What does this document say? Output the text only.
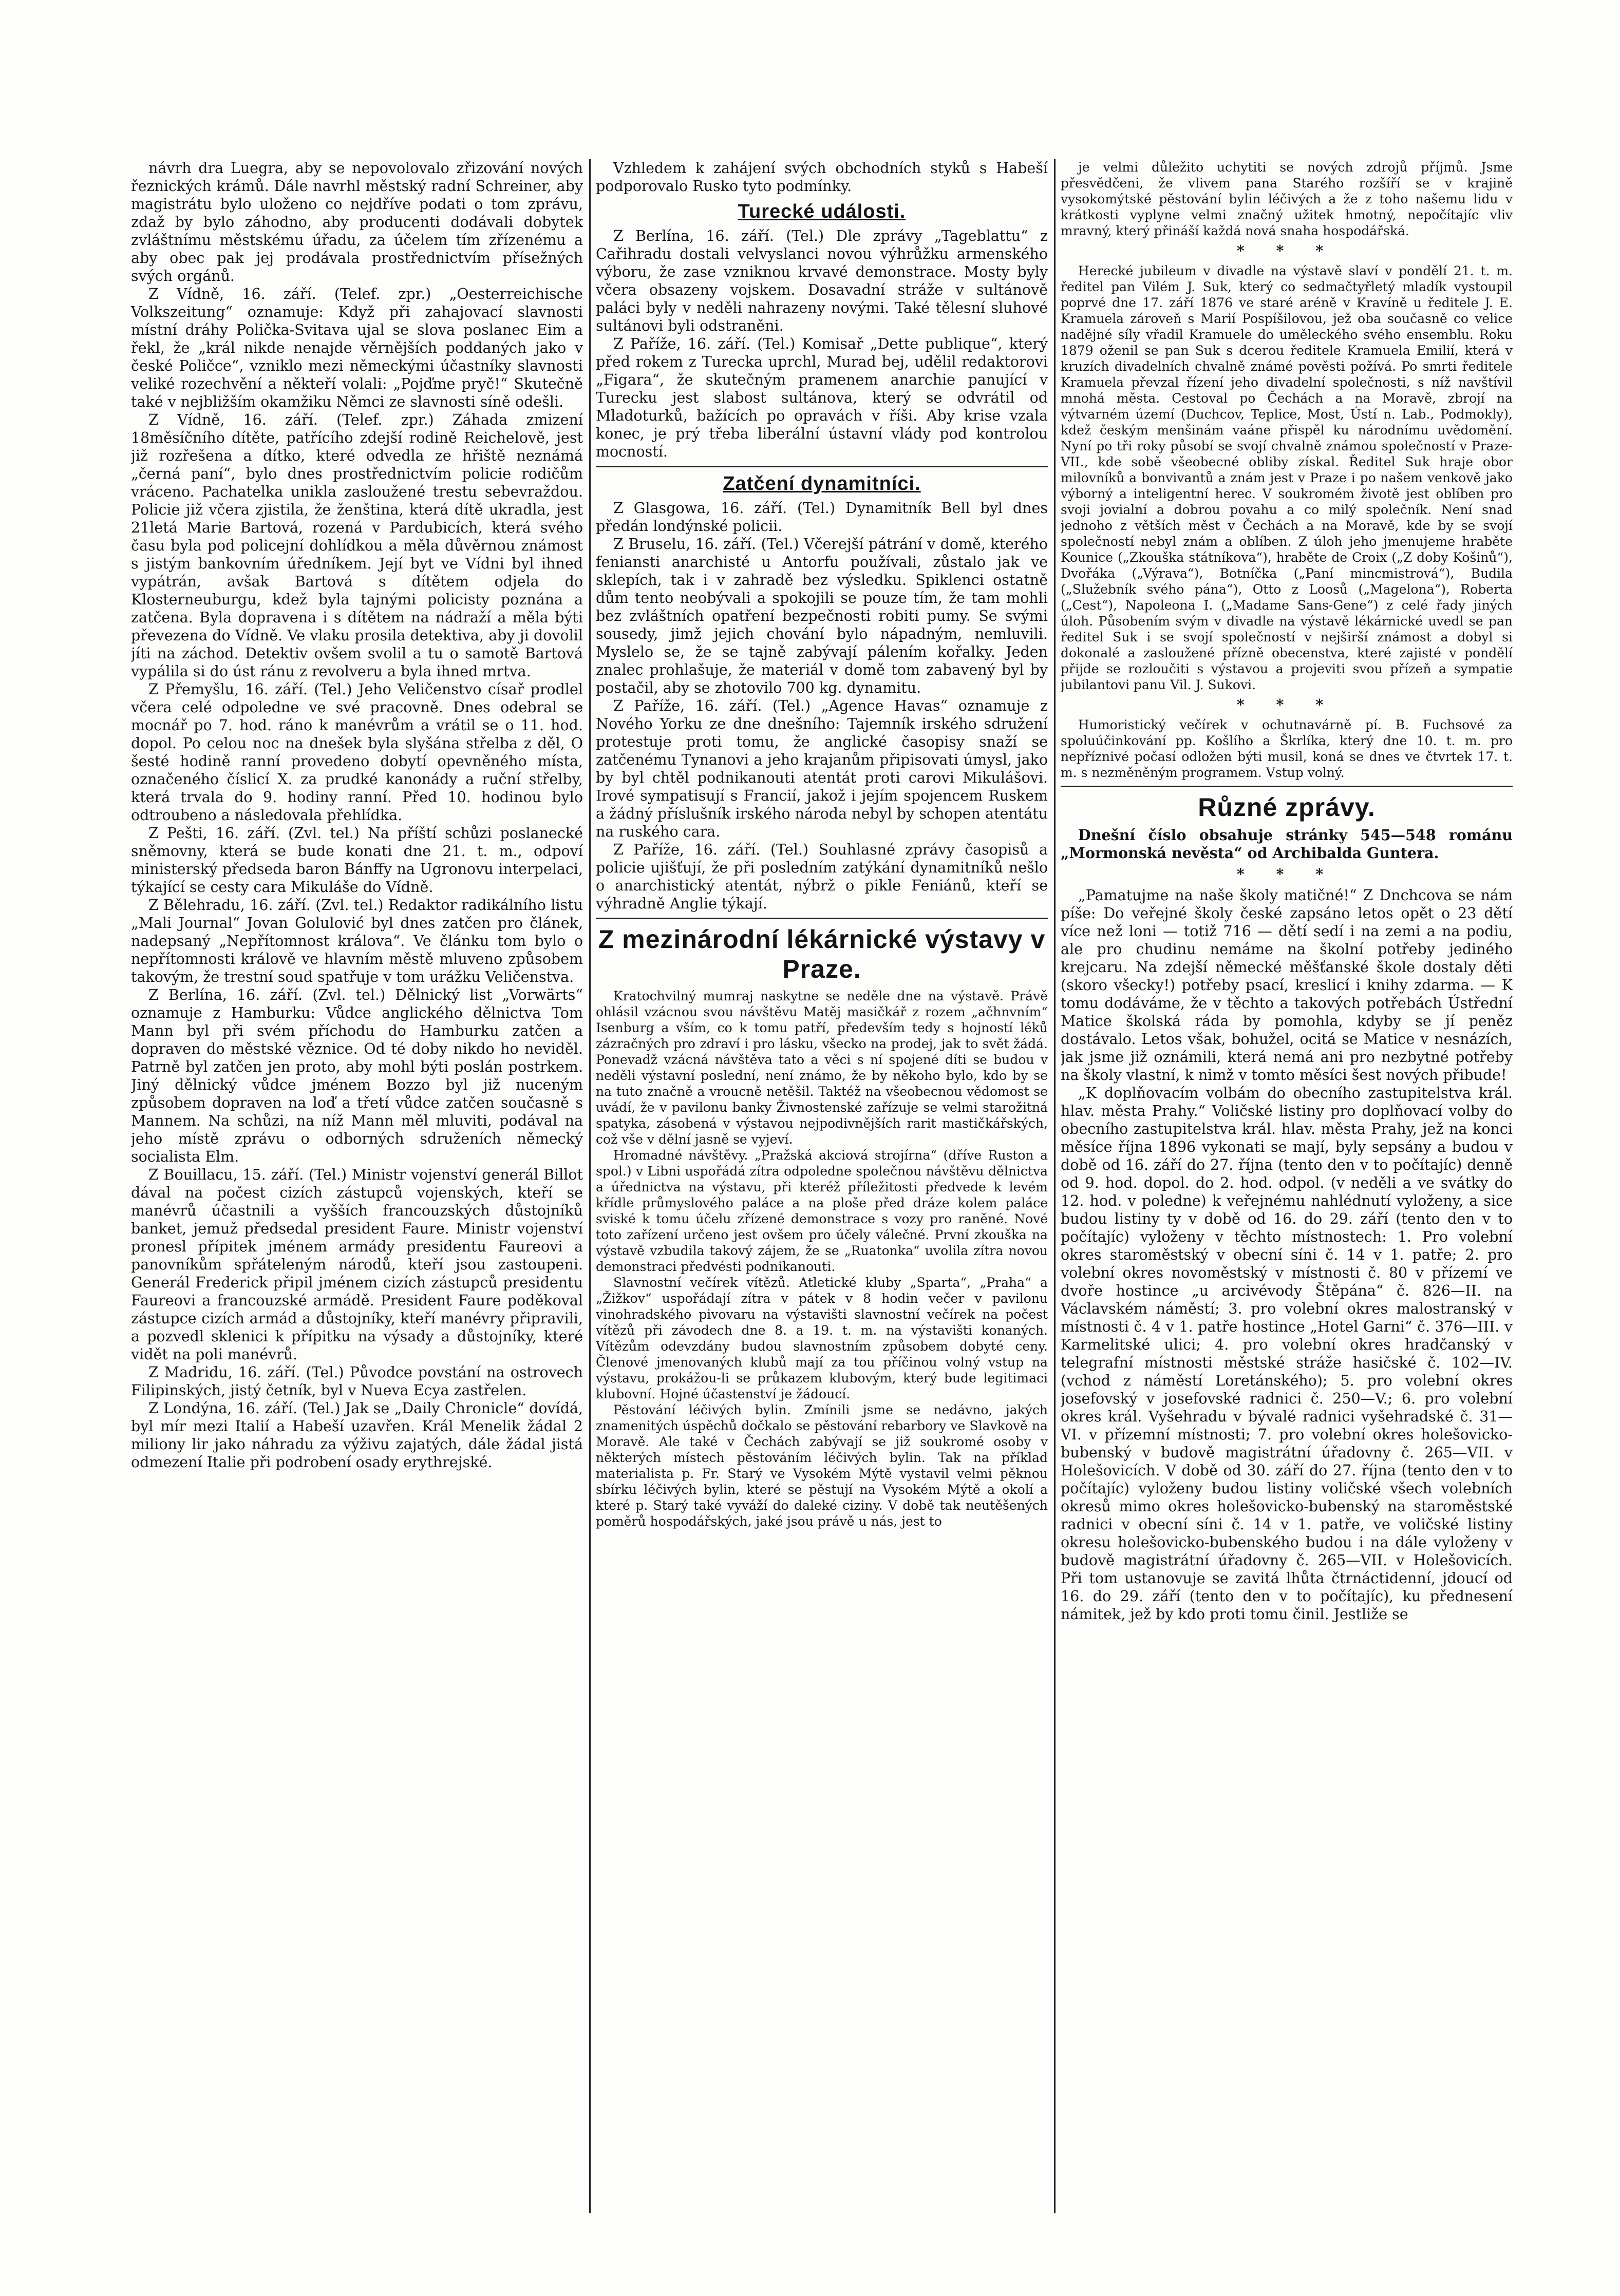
návrh dra Luegra, aby se nepovolovalo zřizování nových řeznických krámů. Dále navrhl městský radní Schreiner, aby magistrátu bylo uloženo co nejdříve podati o tom zprávu, zdaž by bylo záhodno, aby producenti dodávali dobytek zvláštnímu městskému úřadu, za účelem tím zřízenému a aby obec pak jej prodávala prostřednictvím přísežných svých orgánů.

Z Vídně, 16. září. (Telef. zpr.) „Oesterreichische Volkszeitung“ oznamuje: Když při zahajovací slavnosti místní dráhy Polička-Svitava ujal se slova poslanec Eim a řekl, že „král nikde nenajde věrnějších poddaných jako v české Poličce“, vzniklo mezi německými účastníky slavnosti veliké rozechvění a někteří volali: „Pojďme pryč!“ Skutečně také v nejbližším okamžiku Němci ze slavnosti síně odešli.

Z Vídně, 16. září. (Telef. zpr.) Záhada zmizení 18měsíčního dítěte, patřícího zdejší rodině Reichelově, jest již rozřešena a dítko, které odvedla ze hřiště neznámá „černá paní“, bylo dnes prostřednictvím policie rodičům vráceno. Pachatelka unikla zasloužené trestu sebevraždou. Policie již včera zjistila, že ženština, která dítě ukradla, jest 21letá Marie Bartová, rozená v Pardubicích, která svého času byla pod policejní dohlídkou a měla důvěrnou známost s jistým bankovním úředníkem. Její byt ve Vídni byl ihned vypátrán, avšak Bartová s dítětem odjela do Klosterneuburgu, kdež byla tajnými policisty poznána a zatčena. Byla dopravena i s dítětem na nádraží a měla býti převezena do Vídně. Ve vlaku prosila detektiva, aby ji dovolil jíti na záchod. Detektiv ovšem svolil a tu o samotě Bartová vypálila si do úst ránu z revolveru a byla ihned mrtva.

Z Přemyšlu, 16. září. (Tel.) Jeho Veličenstvo císař prodlel včera celé odpoledne ve své pracovně. Dnes odebral se mocnář po 7. hod. ráno k manévrům a vrátil se o 11. hod. dopol. Po celou noc na dnešek byla slyšána střelba z děl, O šesté hodině ranní provedeno dobytí opevněného místa, označeného číslicí X. za prudké kanonády a ruční střelby, která trvala do 9. hodiny ranní. Před 10. hodinou bylo odtroubeno a následovala přehlídka.

Z Pešti, 16. září. (Zvl. tel.) Na příští schůzi poslanecké sněmovny, která se bude konati dne 21. t. m., odpoví ministerský předseda baron Bánffy na Ugronovu interpelaci, týkající se cesty cara Mikuláše do Vídně.

Z Bělehradu, 16. září. (Zvl. tel.) Redaktor radikálního listu „Mali Journal“ Jovan Golulović byl dnes zatčen pro článek, nadepsaný „Nepřítomnost králova“. Ve článku tom bylo o nepřítomnosti králově ve hlavním městě mluveno způsobem takovým, že trestní soud spatřuje v tom urážku Veličenstva.

Z Berlína, 16. září. (Zvl. tel.) Dělnický list „Vorwärts“ oznamuje z Hamburku: Vůdce anglického dělnictva Tom Mann byl při svém příchodu do Hamburku zatčen a dopraven do městské věznice. Od té doby nikdo ho neviděl. Patrně byl zatčen jen proto, aby mohl býti poslán postrkem. Jiný dělnický vůdce jménem Bozzo byl již nuceným způsobem dopraven na loď a třetí vůdce zatčen současně s Mannem. Na schůzi, na níž Mann měl mluviti, podával na jeho místě zprávu o odborných sdruženích německý socialista Elm.

Z Bouillacu, 15. září. (Tel.) Ministr vojenství generál Billot dával na počest cizích zástupců vojenských, kteří se manévrů účastnili a vyšších francouzských důstojníků banket, jemuž předsedal president Faure. Ministr vojenství pronesl přípitek jménem armády presidentu Faureovi a panovníkům spřáteleným národů, kteří jsou zastoupeni. Generál Frederick připil jménem cizích zástupců presidentu Faureovi a francouzské armádě. President Faure poděkoval zástupce cizích armád a důstojníky, kteří manévry připravili, a pozvedl sklenici k přípitku na výsady a důstojníky, které vidět na poli manévrů.

Z Madridu, 16. září. (Tel.) Původce povstání na ostrovech Filipinských, jistý četník, byl v Nueva Ecya zastřelen.

Z Londýna, 16. září. (Tel.) Jak se „Daily Chronicle“ dovídá, byl mír mezi Italií a Habeší uzavřen. Král Menelik žádal 2 miliony lir jako náhradu za výživu zajatých, dále žádal jistá odmezení Italie při podrobení osady erythrejské.

Vzhledem k zahájení svých obchodních styků s Habeší podporovalo Rusko tyto podmínky.

Turecké události.

Z Berlína, 16. září. (Tel.) Dle zprávy „Tageblattu“ z Cařihradu dostali velvyslanci novou výhrůžku armenského výboru, že zase vzniknou krvavé demonstrace. Mosty byly včera obsazeny vojskem. Dosavadní stráže v sultánově paláci byly v neděli nahrazeny novými. Také tělesní sluhové sultánovi byli odstraněni.

Z Paříže, 16. září. (Tel.) Komisař „Dette publique“, který před rokem z Turecka uprchl, Murad bej, udělil redaktorovi „Figara“, že skutečným pramenem anarchie panující v Turecku jest slabost sultánova, který se odvrátil od Mladoturků, bažících po opravách v říši. Aby krise vzala konec, je prý třeba liberální ústavní vlády pod kontrolou mocností.

Zatčení dynamitníci.

Z Glasgowa, 16. září. (Tel.) Dynamitník Bell byl dnes předán londýnské policii.

Z Bruselu, 16. září. (Tel.) Včerejší pátrání v domě, kterého feniansti anarchisté u Antorfu používali, zůstalo jak ve sklepích, tak i v zahradě bez výsledku. Spiklenci ostatně dům tento neobývali a spokojili se pouze tím, že tam mohli bez zvláštních opatření bezpečnosti robiti pumy. Se svými sousedy, jimž jejich chování bylo nápadným, nemluvili. Myslelo se, že se tajně zabývají pálením kořalky. Jeden znalec prohlašuje, že materiál v domě tom zabavený byl by postačil, aby se zhotovilo 700 kg. dynamitu.

Z Paříže, 16. září. (Tel.) „Agence Havas“ oznamuje z Nového Yorku ze dne dnešního: Tajemník irského sdružení protestuje proti tomu, že anglické časopisy snaží se zatčenému Tynanovi a jeho krajanům připisovati úmysl, jako by byl chtěl podnikanouti atentát proti carovi Mikulášovi. Irové sympatisují s Francií, jakož i jejím spojencem Ruskem a žádný příslušník irského národa nebyl by schopen atentátu na ruského cara.

Z Paříže, 16. září. (Tel.) Souhlasné zprávy časopisů a policie ujišťují, že při posledním zatýkání dynamitníků nešlo o anarchistický atentát, nýbrž o pikle Feniánů, kteří se výhradně Anglie týkají.

Z mezinárodní lékárnické výstavy v Praze.

Kratochvilný mumraj naskytne se neděle dne na výstavě. Právě ohlásil vzácnou svou návštěvu Matěj masičkář z rozem „ačhnvním“ Isenburg a vším, co k tomu patří, především tedy s hojností léků zázračných pro zdraví i pro lásku, všecko na prodej, jak to svět žádá. Ponevadž vzácná návštěva tato a věci s ní spojené díti se budou v neděli výstavní poslední, není známo, že by někoho bylo, kdo by se na tuto značně a vroucně netěšil. Taktéž na všeobecnou vědomost se uvádí, že v pavilonu banky Živnostenské zařízuje se velmi starožitná spatyka, zásobená v výstavou nejpodivnějších rarit mastičkářských, což vše v dělní jasně se vyjeví.

Hromadné návštěvy. „Pražská akciová strojírna“ (dříve Ruston a spol.) v Libni uspořádá zítra odpoledne společnou návštěvu dělnictva a úřednictva na výstavu, při kteréž příležitosti předvede k levém křídle průmyslového paláce a na ploše před dráze kolem paláce sviské k tomu účelu zřízené demonstrace s vozy pro raněné. Nové toto zařízení určeno jest ovšem pro účely válečné. První zkouška na výstavě vzbudila takový zájem, že se „Ruatonka“ uvolila zítra novou demonstraci předvésti podnikanouti.

Slavnostní večírek vítězů. Atletické kluby „Sparta“, „Praha“ a „Žižkov“ uspořádají zítra v pátek v 8 hodin večer v pavilonu vinohradského pivovaru na výstavišti slavnostní večírek na počest vítězů při závodech dne 8. a 19. t. m. na výstavišti konaných. Vítězům odevzdány budou slavnostním způsobem dobyté ceny. Členové jmenovaných klubů mají za tou příčinou volný vstup na výstavu, prokážou-li se průkazem klubovým, který bude legitimaci klubovní. Hojné účastenství je žádoucí.

Pěstování léčivých bylin. Zmínili jsme se nedávno, jakých znamenitých úspěchů dočkalo se pěstování rebarbory ve Slavkově na Moravě. Ale také v Čechách zabývají se již soukromé osoby v některých místech pěstováním léčivých bylin. Tak na příklad materialista p. Fr. Starý ve Vysokém Mýtě vystavil velmi pěknou sbírku léčivých bylin, které se pěstují na Vysokém Mýtě a okolí a které p. Starý také vyváží do daleké ciziny. V době tak neutěšených poměrů hospodářských, jaké jsou právě u nás, jest to

je velmi důležito uchytiti se nových zdrojů příjmů. Jsme přesvědčeni, že vlivem pana Starého rozšíří se v krajině vysokomýtské pěstování bylin léčivých a že z toho našemu lidu v krátkosti vyplyne velmi značný užitek hmotný, nepočítajíc vliv mravný, který přináší každá nová snaha hospodářská.

* * *

Herecké jubileum v divadle na výstavě slaví v pondělí 21. t. m. ředitel pan Vilém J. Suk, který co sedmačtyřletý mladík vystoupil poprvé dne 17. září 1876 ve staré aréně v Kravíně u ředitele J. E. Kramuela zároveň s Marií Pospíšilovou, jež oba současně co velice nadějné síly vřadil Kramuele do uměleckého svého ensemblu. Roku 1879 oženil se pan Suk s dcerou ředitele Kramuela Emilií, která v kruzích divadelních chvalně známé pověsti požívá. Po smrti ředitele Kramuela převzal řízení jeho divadelní společnosti, s níž navštívil mnohá města. Cestoval po Čechách a na Moravě, zbrojí na výtvarném území (Duchcov, Teplice, Most, Ústí n. Lab., Podmokly), kdež českým menšinám vaáne přispěl ku národnímu uvědomění. Nyní po tři roky působí se svojí chvalně známou společností v Praze-VII., kde sobě všeobecné obliby získal. Ředitel Suk hraje obor milovníků a bonvivantů a znám jest v Praze i po našem venkově jako výborný a inteligentní herec. V soukromém životě jest oblíben pro svoji jovialní a dobrou povahu a co milý společník. Není snad jednoho z větších měst v Čechách a na Moravě, kde by se svojí společností nebyl znám a oblíben. Z úloh jeho jmenujeme hraběte Kounice („Zkouška státníkova“), hraběte de Croix („Z doby Košinů“), Dvořáka („Výrava“), Botníčka („Paní mincmistrová“), Budila („Služebník svého pána“), Otto z Loosů („Magelona“), Roberta („Cest“), Napoleona I. („Madame Sans-Gene“) z celé řady jiných úloh. Působením svým v divadle na výstavě lékárnické uvedl se pan ředitel Suk i se svojí společností v nejširší známost a dobyl si dokonalé a zasloužené přízně obecenstva, které zajisté v pondělí přijde se rozloučiti s výstavou a projeviti svou přízeň a sympatie jubilantovi panu Vil. J. Sukovi.

* * *

Humoristický večírek v ochutnavárně pí. B. Fuchsové za spoluúčinkování pp. Košlího a Škrlíka, který dne 10. t. m. pro nepříznivé počasí odložen býti musil, koná se dnes ve čtvrtek 17. t. m. s nezměněným programem. Vstup volný.

Různé zprávy.

Dnešní číslo obsahuje stránky 545—548 románu „Mormonská nevěsta“ od Archibalda Guntera.

* * *

„Pamatujme na naše školy matičné!“ Z Dnchcova se nám píše: Do veřejné školy české zapsáno letos opět o 23 dětí více než loni — totiž 716 — dětí sedí i na zemi a na podiu, ale pro chudinu nemáme na školní potřeby jediného krejcaru. Na zdejší německé měšťanské škole dostaly děti (skoro všecky!) potřeby psací, kreslicí i knihy zdarma. — K tomu dodáváme, že v těchto a takových potřebách Ústřední Matice školská ráda by pomohla, kdyby se jí peněz dostávalo. Letos však, bohužel, ocitá se Matice v nesnázích, jak jsme již oznámili, která nemá ani pro nezbytné potřeby na školy vlastní, k nimž v tomto měsíci šest nových přibude!

„K doplňovacím volbám do obecního zastupitelstva král. hlav. města Prahy.“ Voličské listiny pro doplňovací volby do obecního zastupitelstva král. hlav. města Prahy, jež na konci měsíce října 1896 vykonati se mají, byly sepsány a budou v době od 16. září do 27. října (tento den v to počítajíc) denně od 9. hod. dopol. do 2. hod. odpol. (v neděli a ve svátky do 12. hod. v poledne) k veřejnému nahlédnutí vyloženy, a sice budou listiny ty v době od 16. do 29. září (tento den v to počítajíc) vyloženy v těchto místnostech: 1. Pro volební okres staroměstský v obecní síni č. 14 v 1. patře; 2. pro volební okres novoměstský v místnosti č. 80 v přízemí ve dvoře hostince „u arcivévody Štěpána“ č. 826—II. na Václavském náměstí; 3. pro volební okres malostranský v místnosti č. 4 v 1. patře hostince „Hotel Garni“ č. 376—III. v Karmelitské ulici; 4. pro volební okres hradčanský v telegrafní místnosti městské stráže hasičské č. 102—IV. (vchod z náměstí Loretánského); 5. pro volební okres josefovský v josefovské radnici č. 250—V.; 6. pro volební okres král. Vyšehradu v bývalé radnici vyšehradské č. 31—VI. v přízemní místnosti; 7. pro volební okres holešovicko-bubenský v budově magistrátní úřadovny č. 265—VII. v Holešovicích. V době od 30. září do 27. října (tento den v to počítajíc) vyloženy budou listiny voličské všech volebních okresů mimo okres holešovicko-bubenský na staroměstské radnici v obecní síni č. 14 v 1. patře, ve voličské listiny okresu holešovicko-bubenského budou i na dále vyloženy v budově magistrátní úřadovny č. 265—VII. v Holešovicích. Při tom ustanovuje se zavitá lhůta čtrnáctidenní, jdoucí od 16. do 29. září (tento den v to počítajíc), ku přednesení námitek, jež by kdo proti tomu činil. Jestliže se
